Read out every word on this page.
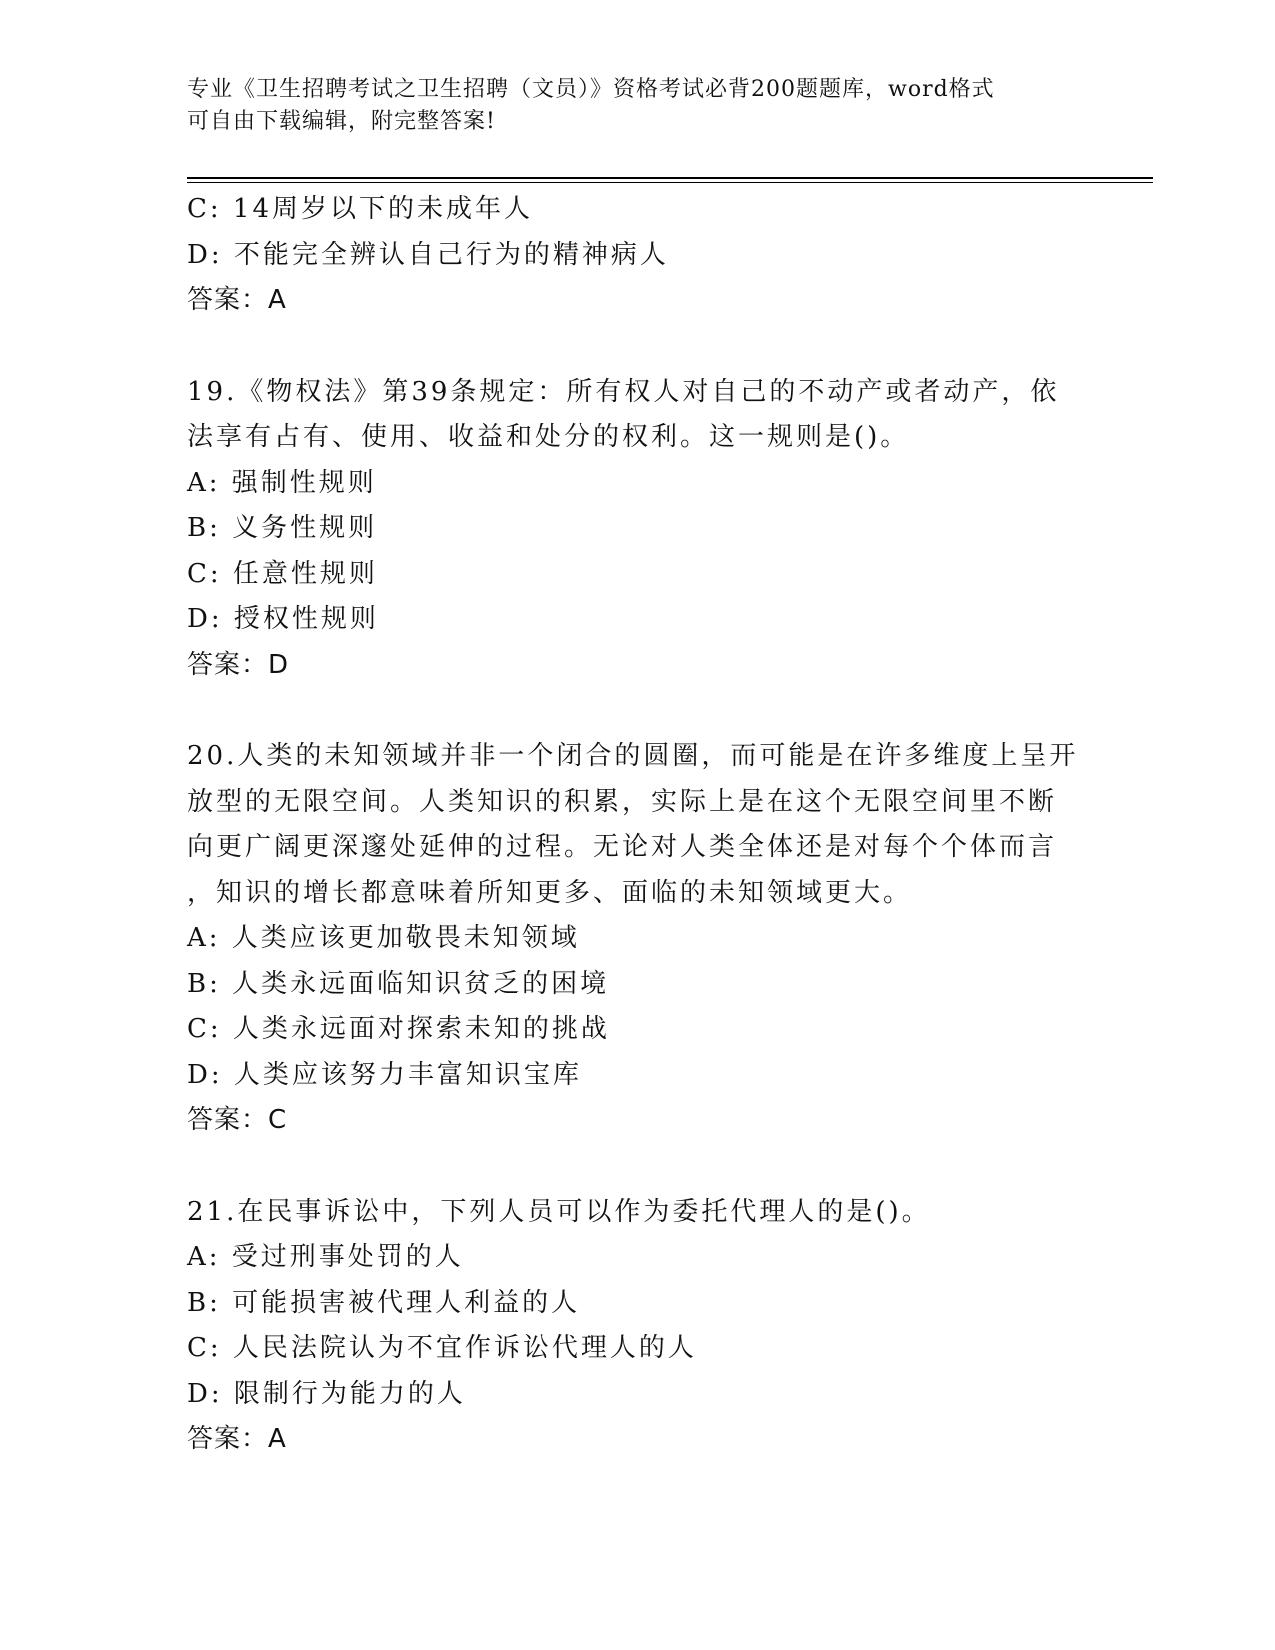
专业《卫生招聘考试之卫生招聘（文员）》资格考试必背200题题库，word格式
可自由下载编辑，附完整答案!
C: 14周岁以下的未成年人
D: 不能完全辨认自己行为的精神病人
答案：A
19.《物权法》第39条规定：所有权人对自己的不动产或者动产，依
法享有占有、使用、收益和处分的权利。这一规则是()。
A: 强制性规则
B: 义务性规则
C: 任意性规则
D: 授权性规则
答案：D
20.人类的未知领域并非一个闭合的圆圈，而可能是在许多维度上呈开
放型的无限空间。人类知识的积累，实际上是在这个无限空间里不断
向更广阔更深邃处延伸的过程。无论对人类全体还是对每个个体而言
，知识的增长都意味着所知更多、面临的未知领域更大。
A: 人类应该更加敬畏未知领域
B: 人类永远面临知识贫乏的困境
C: 人类永远面对探索未知的挑战
D: 人类应该努力丰富知识宝库
答案：C
21.在民事诉讼中，下列人员可以作为委托代理人的是()。
A: 受过刑事处罚的人
B: 可能损害被代理人利益的人
C: 人民法院认为不宜作诉讼代理人的人
D: 限制行为能力的人
答案：A
